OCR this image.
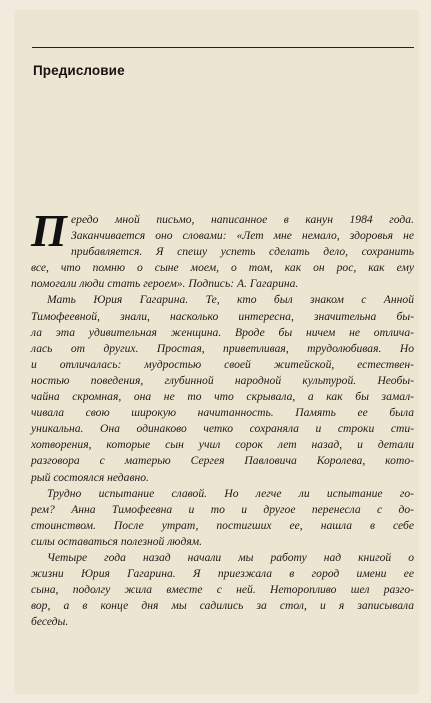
Предисловие

П ередо мной письмо, написанное в канун 1984 года.
Заканчивается оно словами: «Лет мне немало, здоровья не
прибавляется. Я спешу успеть сделать дело, сохранить
все, что помню о сыне моем, о том, как он рос, как ему
помогали люди стать героем». Подпись: А. Гагарина.

Мать Юрия Гагарина. Те, кто был знаком с Анной
Тимофеевной, знали, насколько интересна, значительна бы-
ла эта удивительная женщина. Вроде бы ничем не отлича-
лась от других. Простая, приветливая, трудолюбивая. Но
и отличалась: мудростью своей житейской, естествен-
ностью поведения, глубинной народной культурой. Необы-
чайна скромная, она не то что скрывала, а как бы замал-
чивала свою широкую начитанность. Память ее была
уникальна. Она одинаково четко сохраняла и строки сти-
хотворения, которые сын учил сорок лет назад, и детали
разговора с матерью Сергея Павловича Королева, кото-
рый состоялся недавно.

Трудно испытание славой. Но легче ли испытание го-
рем? Анна Тимофеевна и то и другое перенесла с до-
стоинством. После утрат, постигших ее, нашла в себе
силы оставаться полезной людям.

Четыре года назад начали мы работу над книгой о
жизни Юрия Гагарина. Я приезжала в город имени ее
сына, подолгу жила вместе с ней. Неторопливо шел разго-
вор, а в конце дня мы садились за стол, и я записывала
беседы.
